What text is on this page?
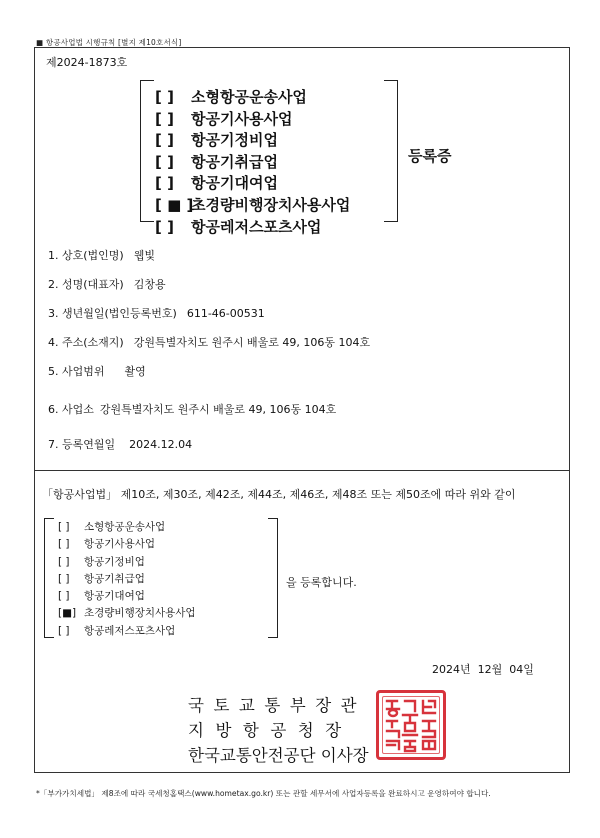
■ 항공사업법 시행규칙 [별지 제10호서식]
제2024-1873호
[ ] 소형항공운송사업
[ ] 항공기사용사업
[ ] 항공기정비업
[ ] 항공기취급업
[ ] 항공기대여업
[ ■ ]초경량비행장치사용사업
[ ] 항공레저스포츠사업
등록증
1. 상호(법인명) 웹빛
2. 성명(대표자) 김창용
3. 생년월일(법인등록번호) 611-46-00531
4. 주소(소재지) 강원특별자치도 원주시 배울로 49, 106동 104호
5. 사업범위 촬영
6. 사업소 강원특별자치도 원주시 배울로 49, 106동 104호
7. 등록연월일 2024.12.04
「항공사업법」 제10조, 제30조, 제42조, 제44조, 제46조, 제48조 또는 제50조에 따라 위와 같이
[ ] 소형항공운송사업
[ ] 항공기사용사업
[ ] 항공기정비업
[ ] 항공기취급업
[ ] 항공기대여업
[■] 초경량비행장치사용사업
[ ] 항공레저스포츠사업
을 등록합니다.
2024년  12월  04일
국토교통부장관
지방항공청장
한국교통안전공단 이사장
*「부가가치세법」 제8조에 따라 국세청홈택스(www.hometax.go.kr) 또는 관할 세무서에 사업자등록을 완료하시고 운영하여야 합니다.
